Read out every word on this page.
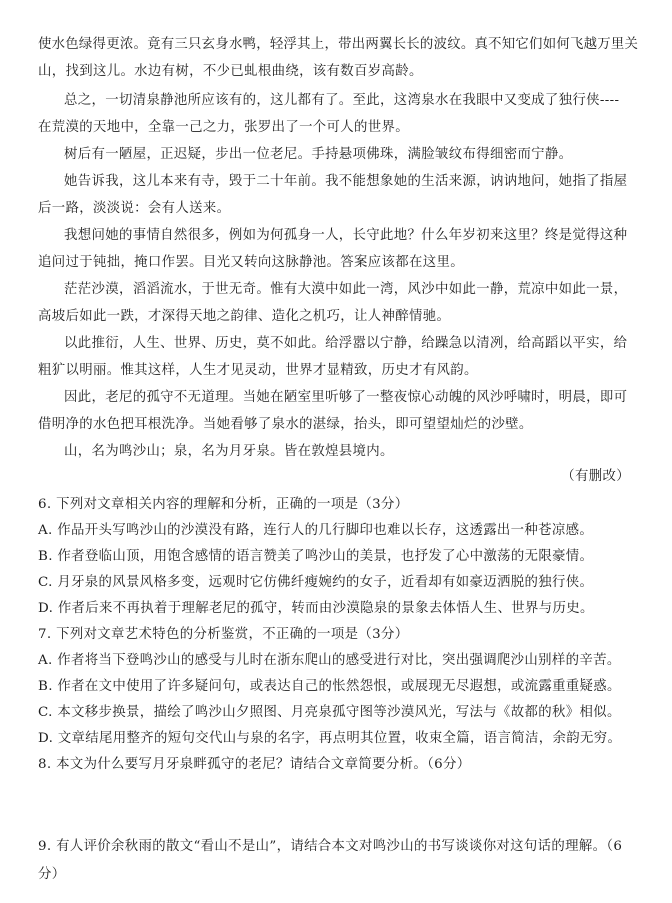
使水色绿得更浓。竟有三只玄身水鸭，轻浮其上，带出两翼长长的波纹。真不知它们如何飞越万里关
山，找到这儿。水边有树，不少已虬根曲绕，该有数百岁高龄。
总之，一切清泉静池所应该有的，这儿都有了。至此，这湾泉水在我眼中又变成了独行侠----
在荒漠的天地中，全靠一己之力，张罗出了一个可人的世界。
树后有一陋屋，正迟疑，步出一位老尼。手持悬项佛珠，满脸皱纹布得细密而宁静。
她告诉我，这儿本来有寺，毁于二十年前。我不能想象她的生活来源，讷讷地问，她指了指屋
后一路，淡淡说：会有人送来。
我想问她的事情自然很多，例如为何孤身一人，长守此地？什么年岁初来这里？终是觉得这种
追问过于钝拙，掩口作罢。目光又转向这脉静池。答案应该都在这里。
茫茫沙漠，滔滔流水，于世无奇。惟有大漠中如此一湾，风沙中如此一静，荒凉中如此一景，
高坡后如此一跌，才深得天地之韵律、造化之机巧，让人神醉情驰。
以此推衍，人生、世界、历史，莫不如此。给浮嚣以宁静，给躁急以清冽，给高蹈以平实，给
粗犷以明丽。惟其这样，人生才见灵动，世界才显精致，历史才有风韵。
因此，老尼的孤守不无道理。当她在陋室里听够了一整夜惊心动魄的风沙呼啸时，明晨，即可
借明净的水色把耳根洗净。当她看够了泉水的湛绿，抬头，即可望望灿烂的沙壁。
山，名为鸣沙山；泉，名为月牙泉。皆在敦煌县境内。
（有删改）
6. 下列对文章相关内容的理解和分析，正确的一项是（3分）
A. 作品开头写鸣沙山的沙漠没有路，连行人的几行脚印也难以长存，这透露出一种苍凉感。
B. 作者登临山顶，用饱含感情的语言赞美了鸣沙山的美景，也抒发了心中激荡的无限豪情。
C. 月牙泉的风景风格多变，远观时它仿佛纤瘦婉约的女子，近看却有如豪迈洒脱的独行侠。
D. 作者后来不再执着于理解老尼的孤守，转而由沙漠隐泉的景象去体悟人生、世界与历史。
7. 下列对文章艺术特色的分析鉴赏，不正确的一项是（3分）
A. 作者将当下登鸣沙山的感受与儿时在浙东爬山的感受进行对比，突出强调爬沙山别样的辛苦。
B. 作者在文中使用了许多疑问句，或表达自己的怅然怨恨，或展现无尽遐想，或流露重重疑惑。
C. 本文移步换景，描绘了鸣沙山夕照图、月亮泉孤守图等沙漠风光，写法与《故都的秋》相似。
D. 文章结尾用整齐的短句交代山与泉的名字，再点明其位置，收束全篇，语言简洁，余韵无穷。
8. 本文为什么要写月牙泉畔孤守的老尼？请结合文章简要分析。（6分）
9. 有人评价余秋雨的散文“看山不是山”，请结合本文对鸣沙山的书写谈谈你对这句话的理解。（6
分）
